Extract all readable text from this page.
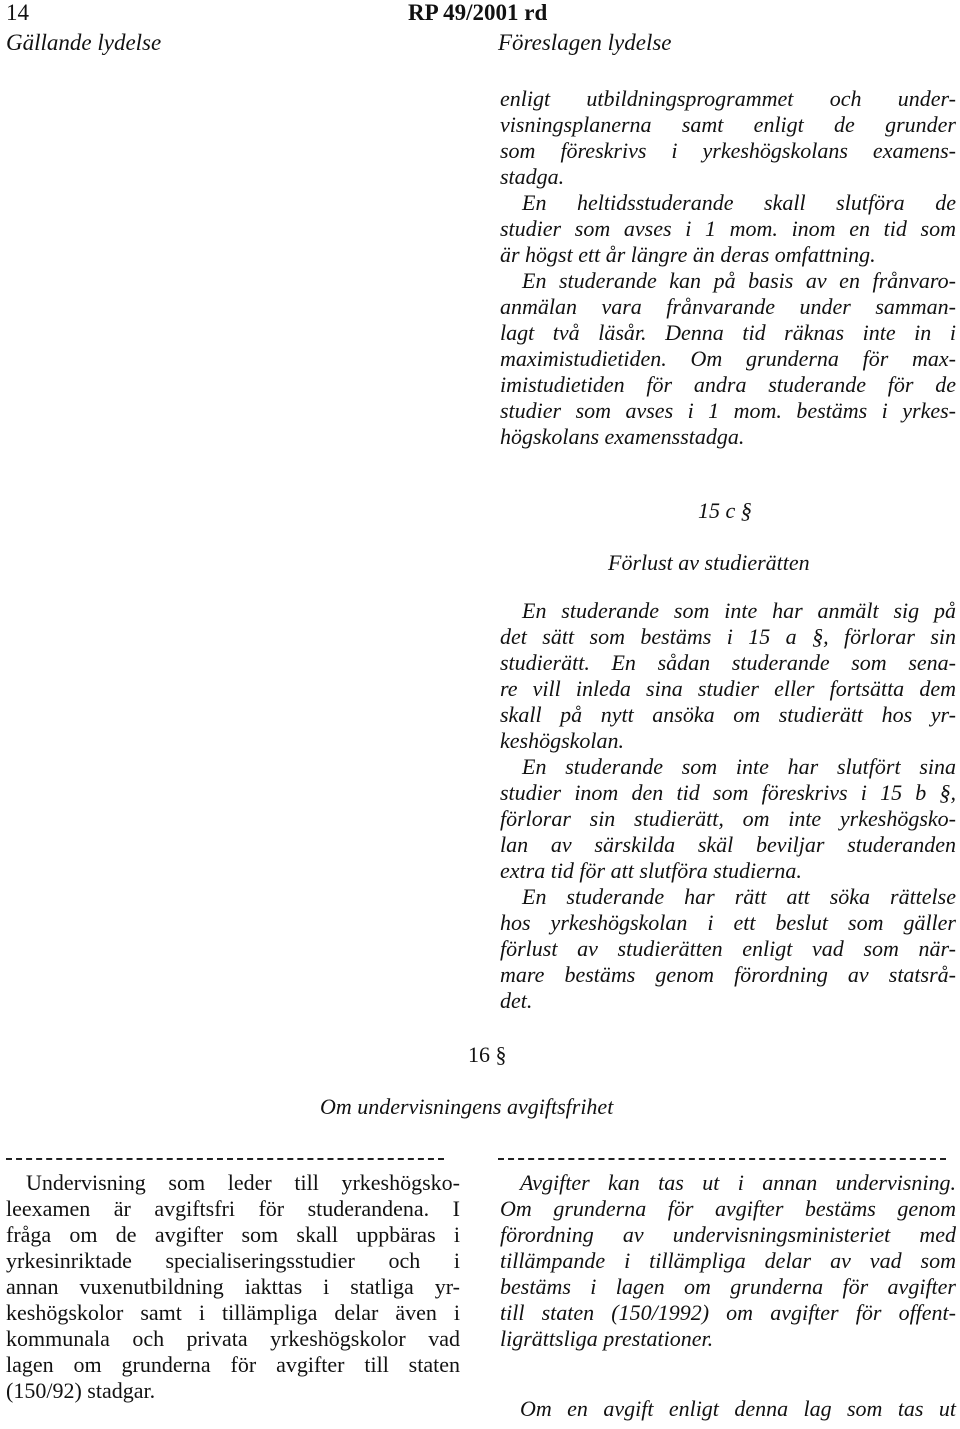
14	RP 49/2001 rd
Gällande lydelse	Föreslagen lydelse
enligt utbildningsprogrammet och under-
visningsplanerna samt enligt de grunder
som föreskrivs i yrkeshögskolans examens-
stadga.
En heltidsstuderande skall slutföra de
studier som avses i 1 mom. inom en tid som
är högst ett år längre än deras omfattning.
En studerande kan på basis av en frånvaro-
anmälan vara frånvarande under samman-
lagt två läsår. Denna tid räknas inte in i
maximistudietiden. Om grunderna för max-
imistudietiden för andra studerande för de
studier som avses i 1 mom. bestäms i yrkes-
högskolans examensstadga.
15 c §
Förlust av studierätten
En studerande som inte har anmält sig på
det sätt som bestäms i 15 a §, förlorar sin
studierätt. En sådan studerande som sena-
re vill inleda sina studier eller fortsätta dem
skall på nytt ansöka om studierätt hos yr-
keshögskolan.
En studerande som inte har slutfört sina
studier inom den tid som föreskrivs i 15 b §,
förlorar sin studierätt, om inte yrkeshögsko-
lan av särskilda skäl beviljar studeranden
extra tid för att slutföra studierna.
En studerande har rätt att söka rättelse
hos yrkeshögskolan i ett beslut som gäller
förlust av studierätten enligt vad som när-
mare bestäms genom förordning av statsrå-
det.
16 §
Om undervisningens avgiftsfrihet
Undervisning som leder till yrkeshögsko-
leexamen är avgiftsfri för studerandena. I
fråga om de avgifter som skall uppbäras i
yrkesinriktade specialiseringsstudier och i
annan vuxenutbildning iakttas i statliga yr-
keshögskolor samt i tillämpliga delar även i
kommunala och privata yrkeshögskolor vad
lagen om grunderna för avgifter till staten
(150/92) stadgar.
Avgifter kan tas ut i annan undervisning.
Om grunderna för avgifter bestäms genom
förordning av undervisningsministeriet med
tillämpande i tillämpliga delar av vad som
bestäms i lagen om grunderna för avgifter
till staten (150/1992) om avgifter för offent-
ligrättsliga prestationer.
Om en avgift enligt denna lag som tas ut
